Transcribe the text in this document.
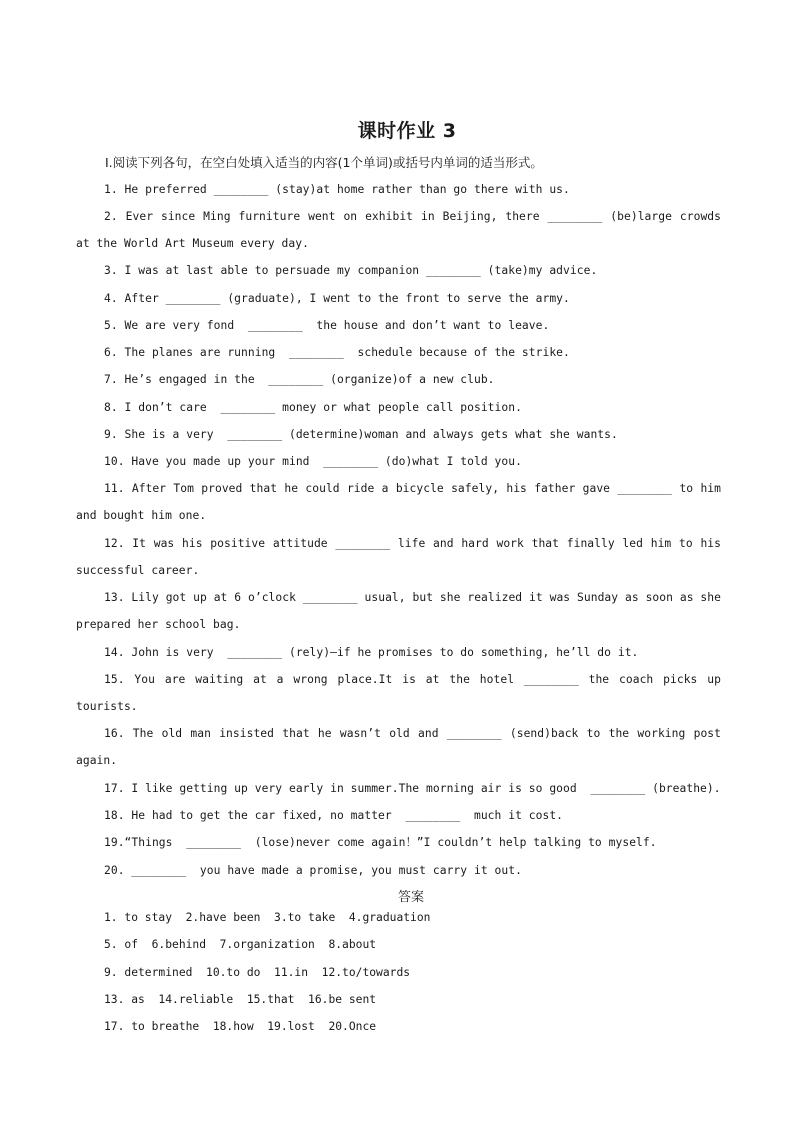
课时作业 3
Ⅰ.阅读下列各句，在空白处填入适当的内容(1个单词)或括号内单词的适当形式。
1. He preferred ________ (stay)at home rather than go there with us.
2. Ever since Ming furniture went on exhibit in Beijing, there ________ (be)large crowds
at the World Art Museum every day.
3. I was at last able to persuade my companion ________ (take)my advice.
4. After ________ (graduate), I went to the front to serve the army.
5. We are very fond  ________  the house and don’t want to leave.
6. The planes are running  ________  schedule because of the strike.
7. He’s engaged in the  ________ (organize)of a new club.
8. I don’t care  ________ money or what people call position.
9. She is a very  ________ (determine)woman and always gets what she wants.
10. Have you made up your mind  ________ (do)what I told you.
11. After Tom proved that he could ride a bicycle safely, his father gave ________ to him
and bought him one.
12. It was his positive attitude ________ life and hard work that finally led him to his
successful career.
13. Lily got up at 6 o’clock ________ usual, but she realized it was Sunday as soon as she
prepared her school bag.
14. John is very  ________ (rely)—if he promises to do something, he’ll do it.
15. You are waiting at a wrong place.It is at the hotel ________ the coach picks up
tourists.
16. The old man insisted that he wasn’t old and ________ (send)back to the working post
again.
17. I like getting up very early in summer.The morning air is so good  ________ (breathe).
18. He had to get the car fixed, no matter  ________  much it cost.
19.“Things  ________  (lose)never come again！”I couldn’t help talking to myself.
20. ________  you have made a promise, you must carry it out.
答案
1. to stay  2.have been  3.to take  4.graduation
5. of  6.behind  7.organization  8.about
9. determined  10.to do  11.in  12.to/towards
13. as  14.reliable  15.that  16.be sent
17. to breathe  18.how  19.lost  20.Once
